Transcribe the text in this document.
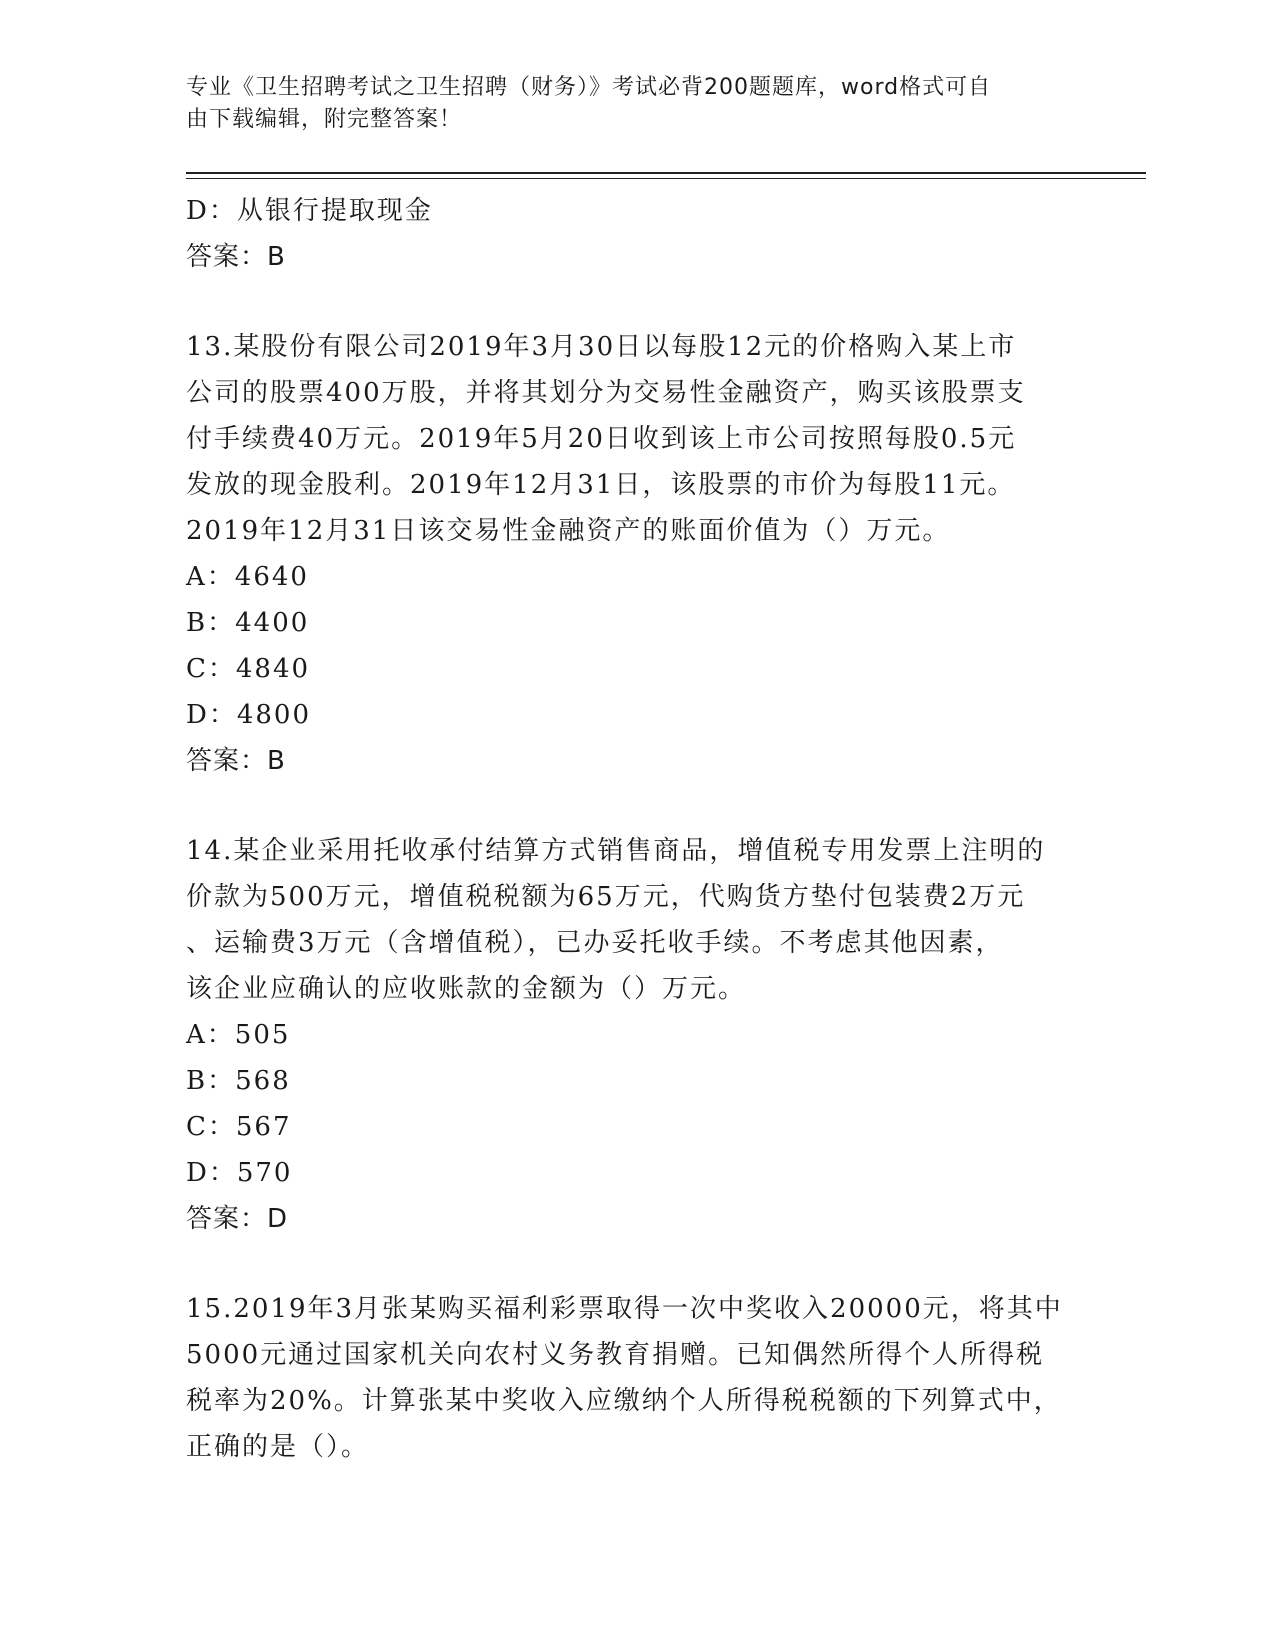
专业《卫生招聘考试之卫生招聘（财务）》考试必背200题题库，word格式可自
由下载编辑，附完整答案！
D：从银行提取现金
答案：B
13.某股份有限公司2019年3月30日以每股12元的价格购入某上市
公司的股票400万股，并将其划分为交易性金融资产，购买该股票支
付手续费40万元。2019年5月20日收到该上市公司按照每股0.5元
发放的现金股利。2019年12月31日，该股票的市价为每股11元。
2019年12月31日该交易性金融资产的账面价值为（）万元。
A：4640
B：4400
C：4840
D：4800
答案：B
14.某企业采用托收承付结算方式销售商品，增值税专用发票上注明的
价款为500万元，增值税税额为65万元，代购货方垫付包装费2万元
、运输费3万元（含增值税），已办妥托收手续。不考虑其他因素，
该企业应确认的应收账款的金额为（）万元。
A：505
B：568
C：567
D：570
答案：D
15.2019年3月张某购买福利彩票取得一次中奖收入20000元，将其中
5000元通过国家机关向农村义务教育捐赠。已知偶然所得个人所得税
税率为20%。计算张某中奖收入应缴纳个人所得税税额的下列算式中，
正确的是（）。
